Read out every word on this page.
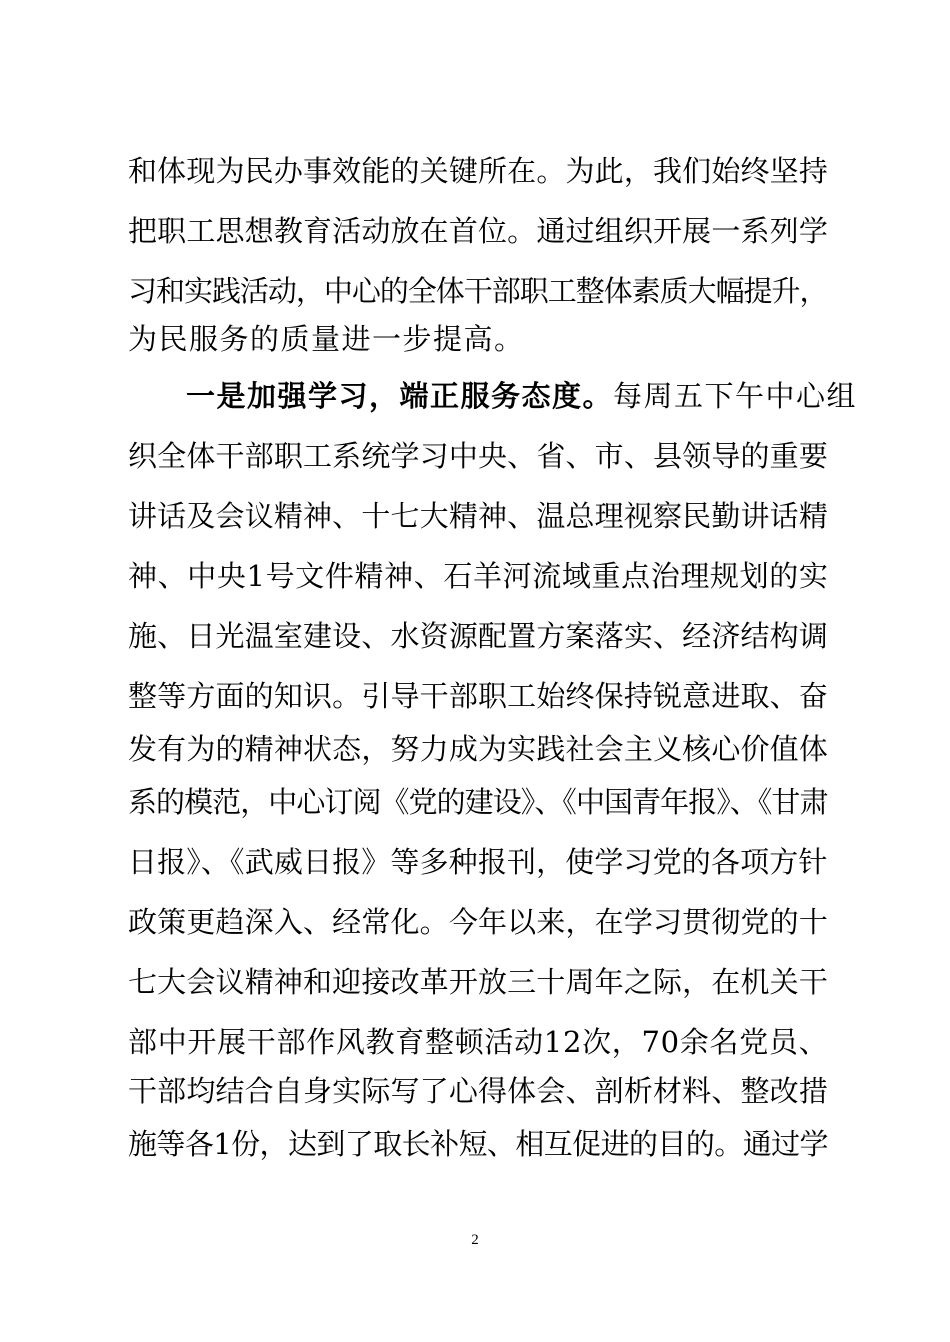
和体现为民办事效能的关键所在。为此，我们始终坚持
把职工思想教育活动放在首位。通过组织开展一系列学
习和实践活动，中心的全体干部职工整体素质大幅提升，
为民服务的质量进一步提高。
一是加强学习，端正服务态度。每周五下午中心组
织全体干部职工系统学习中央、省、市、县领导的重要
讲话及会议精神、十七大精神、温总理视察民勤讲话精
神、中央1号文件精神、石羊河流域重点治理规划的实
施、日光温室建设、水资源配置方案落实、经济结构调
整等方面的知识。引导干部职工始终保持锐意进取、奋
发有为的精神状态，努力成为实践社会主义核心价值体
系的模范，中心订阅《党的建设》、《中国青年报》、《甘肃
日报》、《武威日报》等多种报刊，使学习党的各项方针
政策更趋深入、经常化。今年以来，在学习贯彻党的十
七大会议精神和迎接改革开放三十周年之际，在机关干
部中开展干部作风教育整顿活动12次，70余名党员、
干部均结合自身实际写了心得体会、剖析材料、整改措
施等各1份，达到了取长补短、相互促进的目的。通过学
2
